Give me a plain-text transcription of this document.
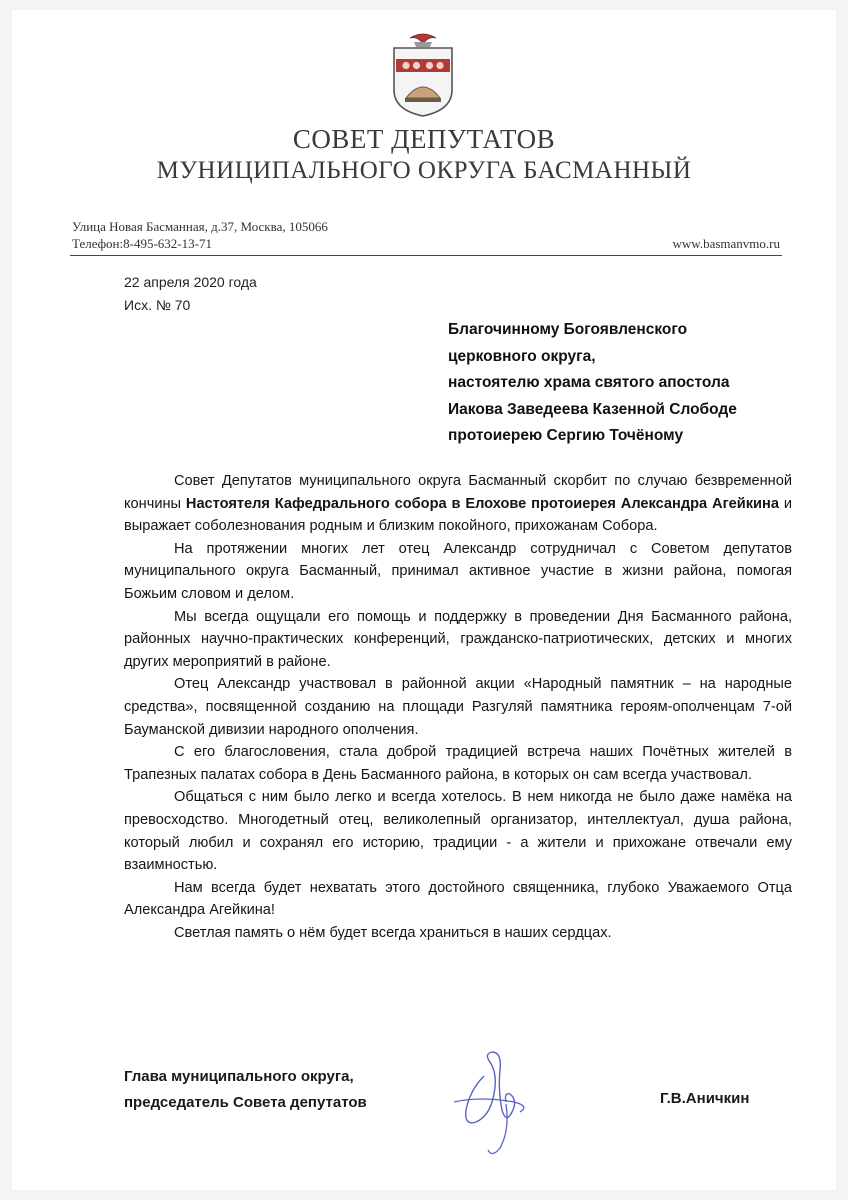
СОВЕТ ДЕПУТАТОВ
МУНИЦИПАЛЬНОГО ОКРУГА БАСМАННЫЙ
Улица Новая Басманная, д.37, Москва, 105066
Телефон:8-495-632-13-71	www.basmanvmo.ru
22 апреля 2020 года
Исх. № 70
Благочинному Богоявленского
церковного округа,
настоятелю храма святого апостола
Иакова Заведеева Казенной Слободе
протоиерею Сергию Точёному

Совет Депутатов муниципального округа Басманный скорбит по случаю безвременной кончины Настоятеля Кафедрального собора в Елохове протоиерея Александра Агейкина и выражает соболезнования родным и близким покойного, прихожанам Собора.

На протяжении многих лет отец Александр сотрудничал с Советом депутатов муниципального округа Басманный, принимал активное участие в жизни района, помогая Божьим словом и делом.

Мы всегда ощущали его помощь и поддержку в проведении Дня Басманного района, районных научно-практических конференций, гражданско-патриотических, детских и многих других мероприятий в районе.

Отец Александр участвовал в районной акции «Народный памятник – на народные средства», посвященной созданию на площади Разгуляй памятника героям-ополченцам 7-ой Бауманской дивизии народного ополчения.

С его благословения, стала доброй традицией встреча наших Почётных жителей в Трапезных палатах собора в День Басманного района, в которых он сам всегда участвовал.

Общаться с ним было легко и всегда хотелось. В нем никогда не было даже намёка на превосходство. Многодетный отец, великолепный организатор, интеллектуал, душа района, который любил и сохранял его историю, традиции - а жители и прихожане отвечали ему взаимностью.

Нам всегда будет нехватать этого достойного священника, глубоко Уважаемого Отца Александра Агейкина!

Светлая память о нём будет всегда храниться в наших сердцах.

Глава муниципального округа,
председатель Совета депутатов	Г.В.Аничкин
